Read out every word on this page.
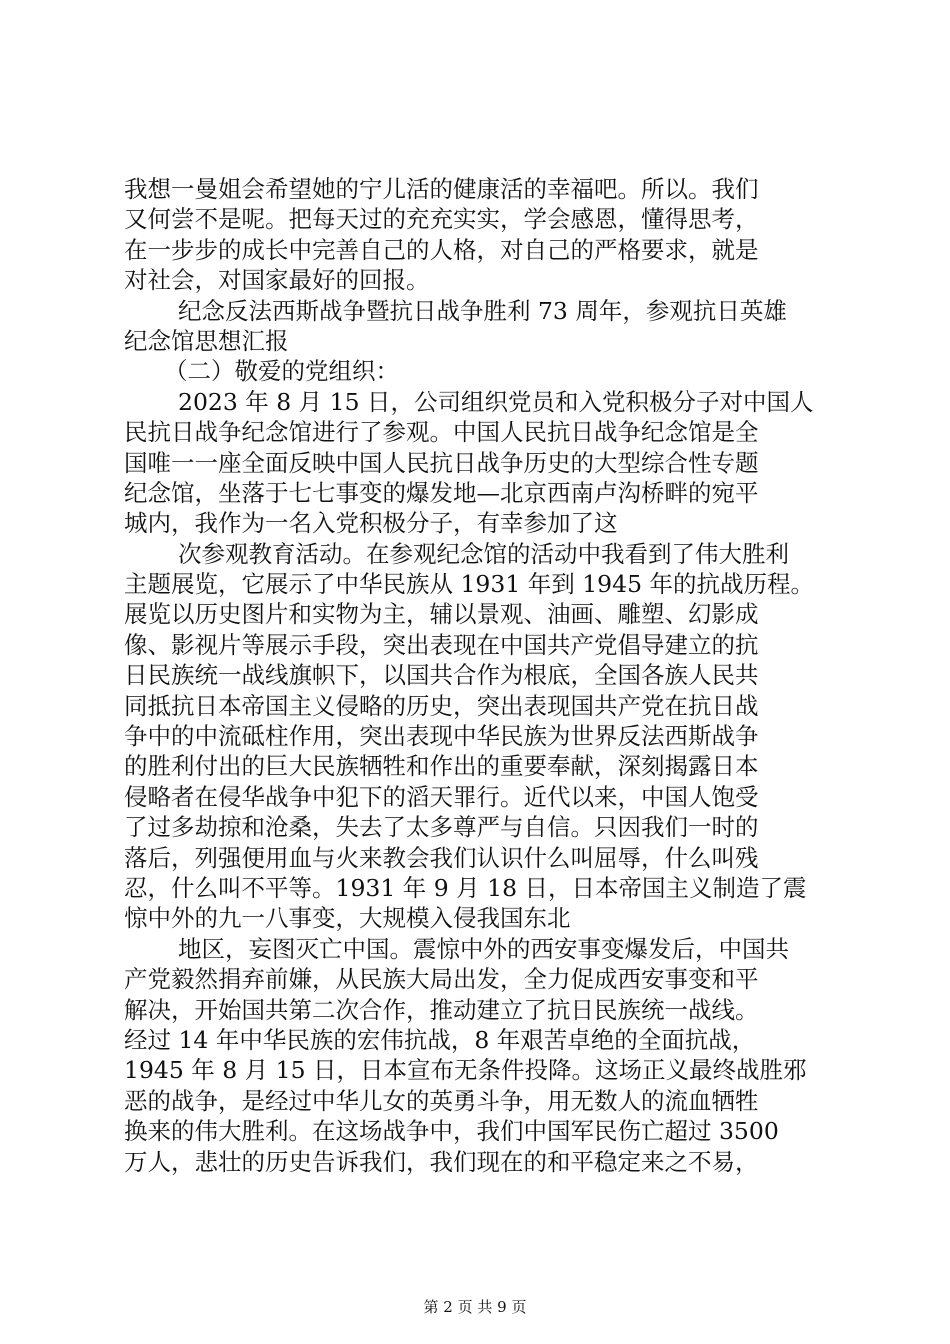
我想一曼姐会希望她的宁儿活的健康活的幸福吧。所以。我们
又何尝不是呢。把每天过的充充实实，学会感恩，懂得思考，
在一步步的成长中完善自己的人格，对自己的严格要求，就是
对社会，对国家最好的回报。
纪念反法西斯战争暨抗日战争胜利 73 周年，参观抗日英雄
纪念馆思想汇报
（二）敬爱的党组织：
2023 年 8 月 15 日，公司组织党员和入党积极分子对中国人
民抗日战争纪念馆进行了参观。中国人民抗日战争纪念馆是全
国唯一一座全面反映中国人民抗日战争历史的大型综合性专题
纪念馆，坐落于七七事变的爆发地—北京西南卢沟桥畔的宛平
城内，我作为一名入党积极分子，有幸参加了这
次参观教育活动。在参观纪念馆的活动中我看到了伟大胜利
主题展览，它展示了中华民族从 1931 年到 1945 年的抗战历程。
展览以历史图片和实物为主，辅以景观、油画、雕塑、幻影成
像、影视片等展示手段，突出表现在中国共产党倡导建立的抗
日民族统一战线旗帜下，以国共合作为根底，全国各族人民共
同抵抗日本帝国主义侵略的历史，突出表现国共产党在抗日战
争中的中流砥柱作用，突出表现中华民族为世界反法西斯战争
的胜利付出的巨大民族牺牲和作出的重要奉献，深刻揭露日本
侵略者在侵华战争中犯下的滔天罪行。近代以来，中国人饱受
了过多劫掠和沧桑，失去了太多尊严与自信。只因我们一时的
落后，列强便用血与火来教会我们认识什么叫屈辱，什么叫残
忍，什么叫不平等。1931 年 9 月 18 日，日本帝国主义制造了震
惊中外的九一八事变，大规模入侵我国东北
地区，妄图灭亡中国。震惊中外的西安事变爆发后，中国共
产党毅然捐弃前嫌，从民族大局出发，全力促成西安事变和平
解决，开始国共第二次合作，推动建立了抗日民族统一战线。
经过 14 年中华民族的宏伟抗战，8 年艰苦卓绝的全面抗战，
1945 年 8 月 15 日，日本宣布无条件投降。这场正义最终战胜邪
恶的战争，是经过中华儿女的英勇斗争，用无数人的流血牺牲
换来的伟大胜利。在这场战争中，我们中国军民伤亡超过 3500
万人，悲壮的历史告诉我们，我们现在的和平稳定来之不易，
第 2 页 共 9 页
